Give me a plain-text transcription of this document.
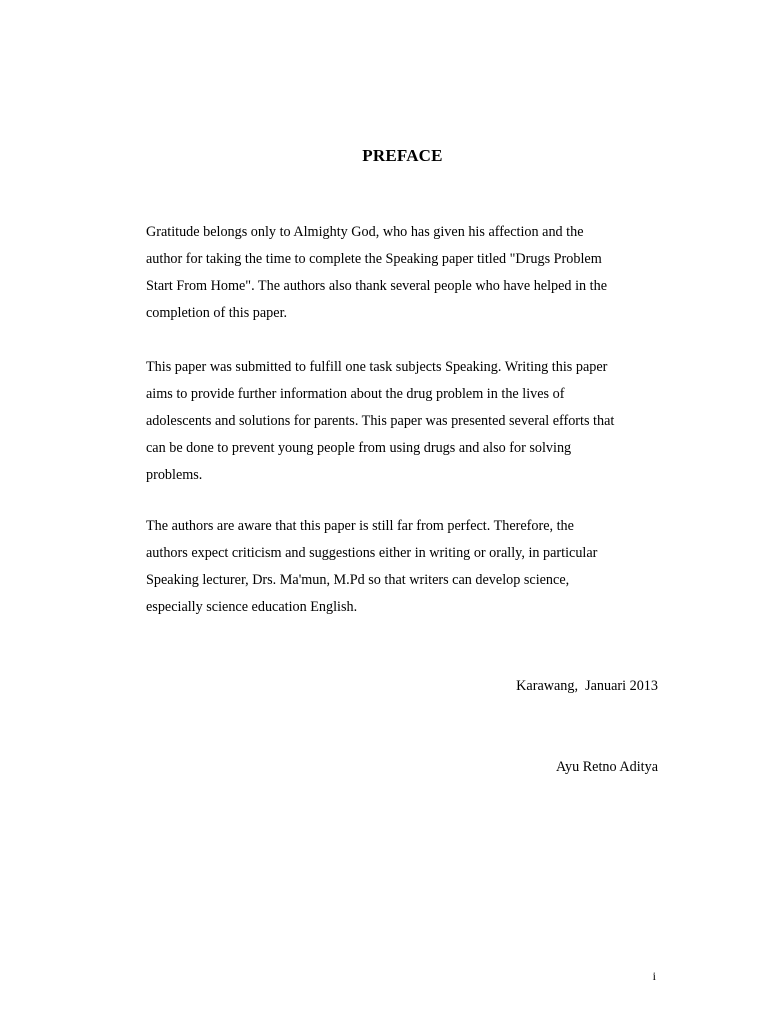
PREFACE

Gratitude belongs only to Almighty God, who has given his affection and the

author for taking the time to complete the Speaking paper titled "Drugs Problem

Start From Home". The authors also thank several people who have helped in the

completion of this paper.

This paper was submitted to fulfill one task subjects Speaking. Writing this paper

aims to provide further information about the drug problem in the lives of

adolescents and solutions for parents. This paper was presented several efforts that

can be done to prevent young people from using drugs and also for solving

problems.

The authors are aware that this paper is still far from perfect. Therefore, the

authors expect criticism and suggestions either in writing or orally, in particular

Speaking lecturer, Drs. Ma'mun, M.Pd so that writers can develop science,

especially science education English.

Karawang,  Januari 2013
Ayu Retno Aditya
i
